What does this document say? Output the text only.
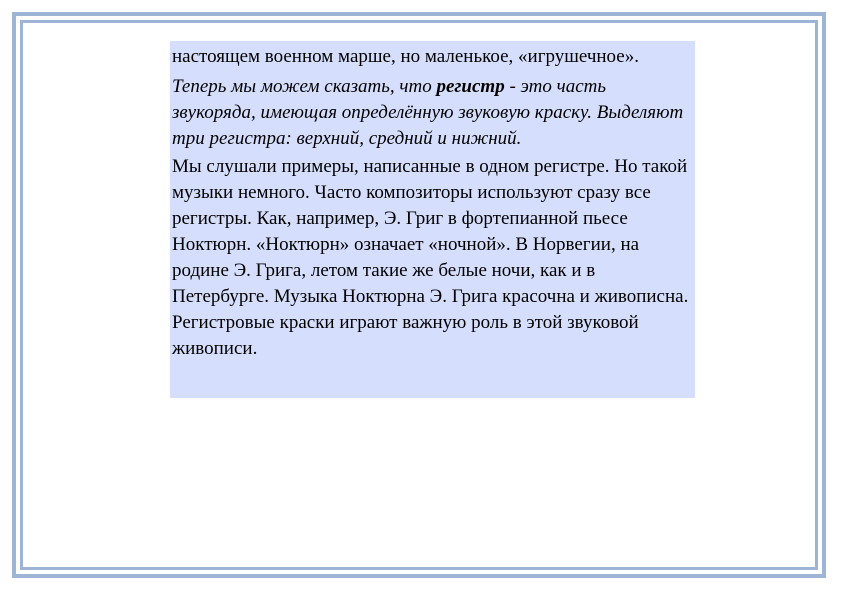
настоящем военном марше, но маленькое, «игрушечное».

Теперь мы можем сказать, что регистр - это часть звукоряда, имеющая определённую звуковую краску. Выделяют три регистра: верхний, средний и нижний.

Мы слушали примеры, написанные в одном регистре. Но такой музыки немного. Часто композиторы используют сразу все регистры. Как, например, Э. Григ в фортепианной пьесе Ноктюрн. «Ноктюрн» означает «ночной». В Норвегии, на родине Э. Грига, летом такие же белые ночи, как и в Петербурге. Музыка Ноктюрна Э. Грига красочна и живописна. Регистровые краски играют важную роль в этой звуковой живописи.
